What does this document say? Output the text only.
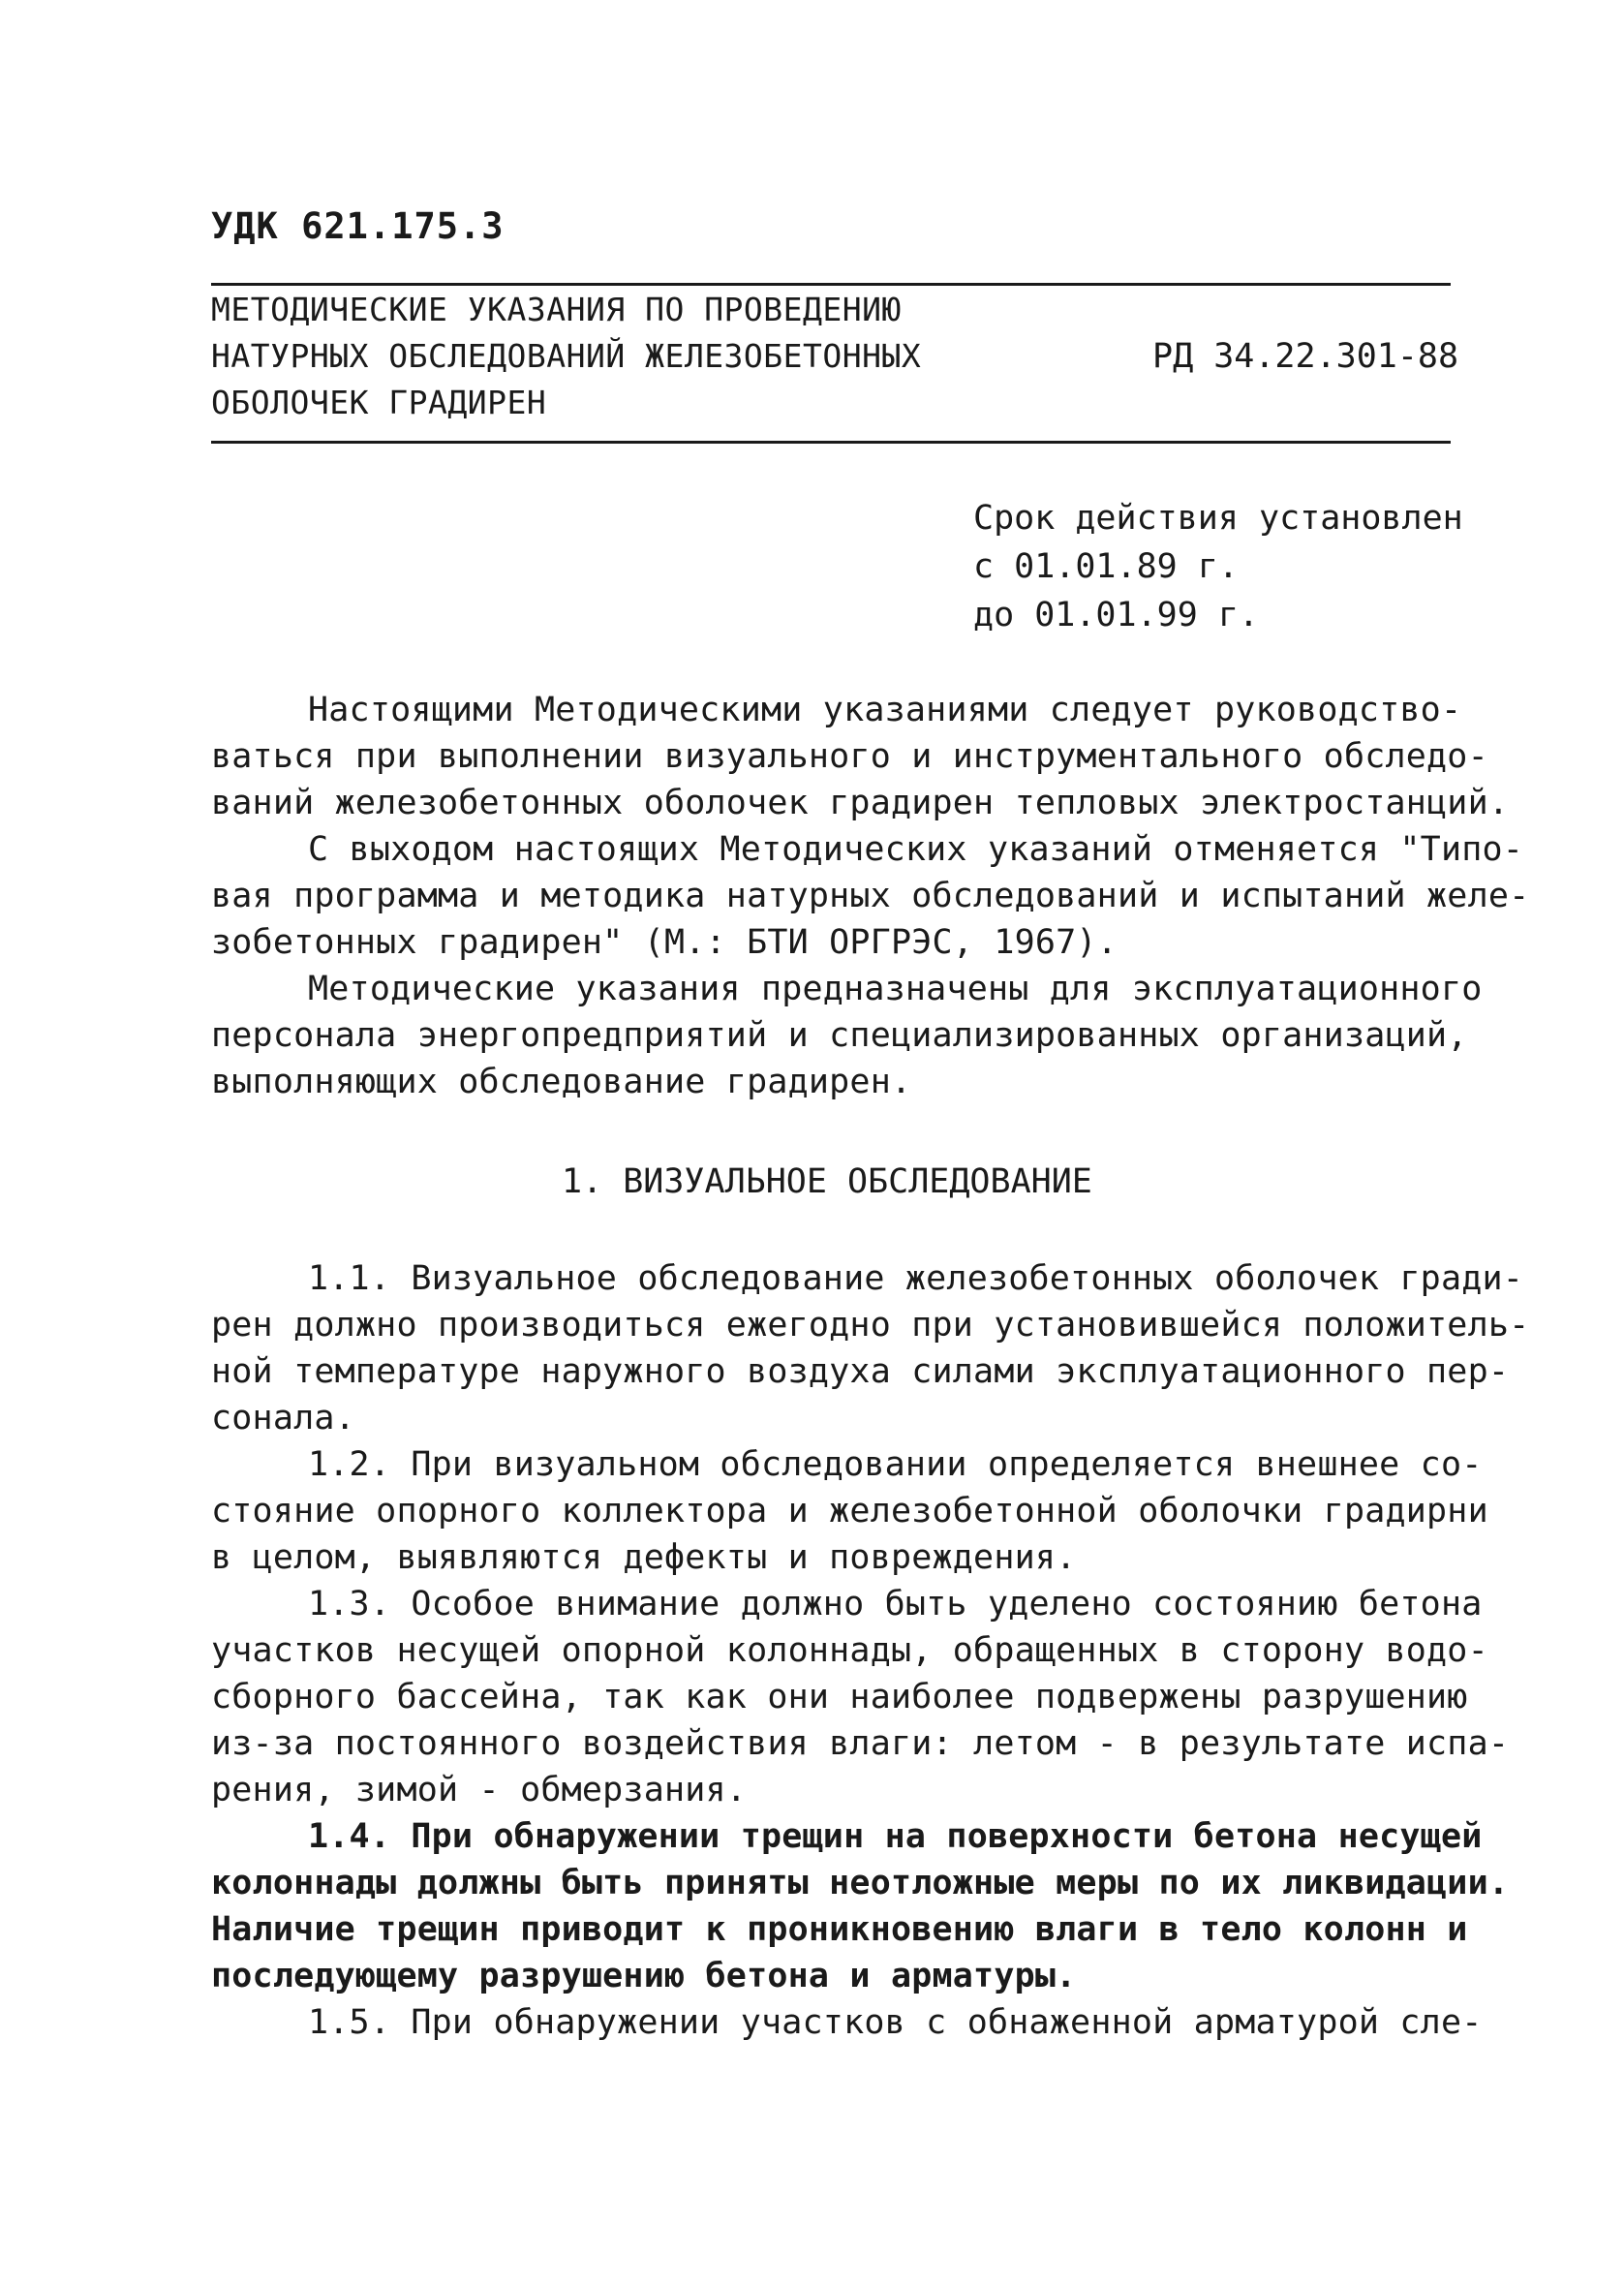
УДК 621.175.3
МЕТОДИЧЕСКИЕ УКАЗАНИЯ ПО ПРОВЕДЕНИЮ
НАТУРНЫХ ОБСЛЕДОВАНИЙ ЖЕЛЕЗОБЕТОННЫХ
ОБОЛОЧЕК ГРАДИРЕН
РД 34.22.301-88
Срок действия установлен
с 01.01.89 г.
до 01.01.99 г.
Настоящими Методическими указаниями следует руководство-
ваться при выполнении визуального и инструментального обследо-
ваний железобетонных оболочек градирен тепловых электростанций.
С выходом настоящих Методических указаний отменяется "Типо-
вая программа и методика натурных обследований и испытаний желе-
зобетонных градирен" (М.: БТИ ОРГРЭС, 1967).
Методические указания предназначены для эксплуатационного
персонала энергопредприятий и специализированных организаций,
выполняющих обследование градирен.
1. ВИЗУАЛЬНОЕ ОБСЛЕДОВАНИЕ
1.1. Визуальное обследование железобетонных оболочек гради-
рен должно производиться ежегодно при установившейся положитель-
ной температуре наружного воздуха силами эксплуатационного пер-
сонала.
1.2. При визуальном обследовании определяется внешнее со-
стояние опорного коллектора и железобетонной оболочки градирни
в целом, выявляются дефекты и повреждения.
1.3. Особое внимание должно быть уделено состоянию бетона
участков несущей опорной колоннады, обращенных в сторону водо-
сборного бассейна, так как они наиболее подвержены разрушению
из-за постоянного воздействия влаги: летом - в результате испа-
рения, зимой - обмерзания.
1.4. При обнаружении трещин на поверхности бетона несущей
колоннады должны быть приняты неотложные меры по их ликвидации.
Наличие трещин приводит к проникновению влаги в тело колонн и
последующему разрушению бетона и арматуры.
1.5. При обнаружении участков с обнаженной арматурой сле-
